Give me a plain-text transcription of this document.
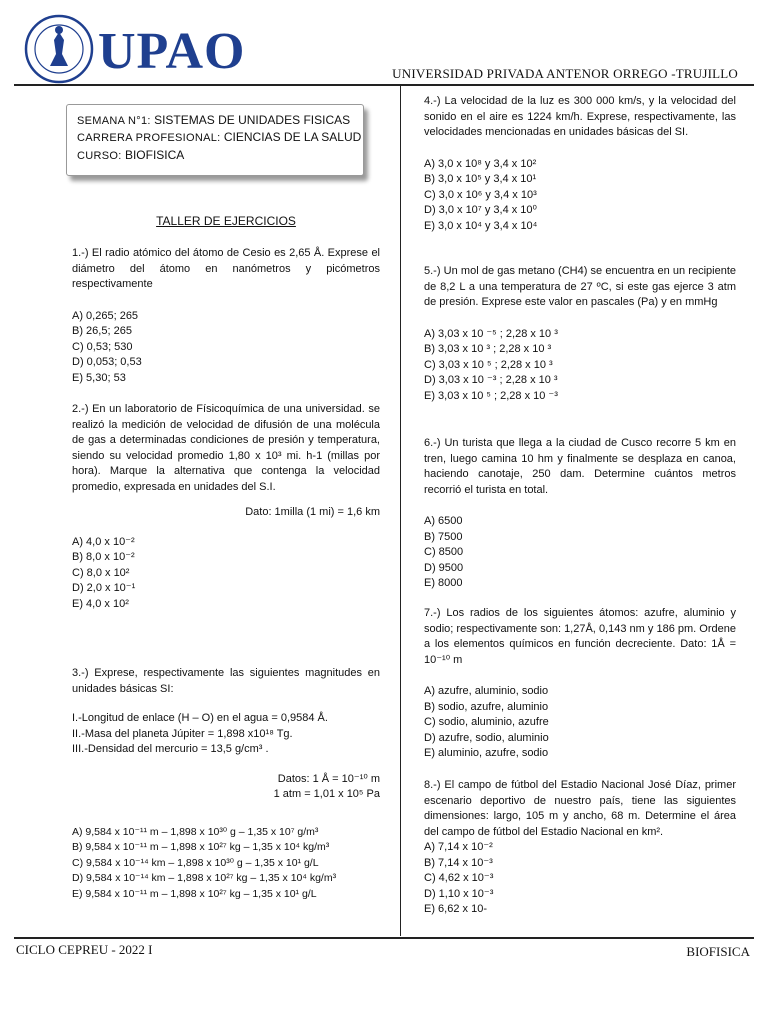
UPAO	UNIVERSIDAD PRIVADA ANTENOR ORREGO -TRUJILLO
SEMANA N°1: SISTEMAS DE UNIDADES FISICAS
CARRERA PROFESIONAL: CIENCIAS DE LA SALUD
CURSO: BIOFISICA
TALLER DE EJERCICIOS

1.-) El radio atómico del átomo de Cesio es 2,65 Å. Exprese el diámetro del átomo en nanómetros y picómetros respectivamente

A) 0,265; 265

B) 26,5; 265

C) 0,53; 530

D) 0,053; 0,53

E) 5,30; 53

2.-) En un laboratorio de Físicoquímica de una universidad. se realizó la medición de velocidad de difusión de una molécula de gas a determinadas condiciones de presión y temperatura, siendo su velocidad promedio 1,80 x 10³ mi. h-1 (millas por hora). Marque la alternativa que contenga la velocidad promedio, expresada en unidades del S.I.

Dato: 1milla (1 mi) = 1,6 km

A) 4,0 x 10⁻²

B) 8,0 x 10⁻²

C) 8,0 x 10²

D) 2,0 x 10⁻¹

E) 4,0 x 10²

3.-) Exprese, respectivamente las siguientes magnitudes en unidades básicas SI:

I.-Longitud de enlace (H – O) en el agua = 0,9584 Å.

II.-Masa del planeta Júpiter = 1,898 x10¹⁸ Tg.

III.-Densidad del mercurio = 13,5 g/cm³ .

Datos: 1 Å = 10⁻¹⁰ m

1 atm = 1,01 x 10⁵ Pa

A) 9,584 x 10⁻¹¹ m – 1,898 x 10³⁰ g – 1,35 x 10⁷ g/m³

B) 9,584 x 10⁻¹¹ m – 1,898 x 10²⁷ kg – 1,35 x 10⁴ kg/m³

C) 9,584 x 10⁻¹⁴ km – 1,898 x 10³⁰ g – 1,35 x 10¹ g/L

D) 9,584 x 10⁻¹⁴ km – 1,898 x 10²⁷ kg – 1,35 x 10⁴ kg/m³

E) 9,584 x 10⁻¹¹ m – 1,898 x 10²⁷ kg – 1,35 x 10¹ g/L

4.-) La velocidad de la luz es 300 000 km/s, y la velocidad del sonido en el aire es 1224 km/h. Exprese, respectivamente, las velocidades mencionadas en unidades básicas del SI.

A) 3,0 x 10⁸ y 3,4 x 10²

B) 3,0 x 10⁵ y 3,4 x 10¹

C) 3,0 x 10⁶ y 3,4 x 10³

D) 3,0 x 10⁷ y 3,4 x 10⁰

E) 3,0 x 10⁴ y 3,4 x 10⁴

5.-) Un mol de gas metano (CH4) se encuentra en un recipiente de 8,2 L a una temperatura de 27 ºC, si este gas ejerce 3 atm de presión. Exprese este valor en pascales (Pa) y en mmHg

A) 3,03 x 10 ⁻⁵ ; 2,28 x 10 ³

B) 3,03 x 10 ³ ; 2,28 x 10 ³

C) 3,03 x 10 ⁵ ; 2,28 x 10 ³

D) 3,03 x 10 ⁻³ ; 2,28 x 10 ³

E) 3,03 x 10 ⁵ ; 2,28 x 10 ⁻³

6.-) Un turista que llega a la ciudad de Cusco recorre 5 km en tren, luego camina 10 hm y finalmente se desplaza en canoa, haciendo canotaje, 250 dam. Determine cuántos metros recorrió el turista en total.

A) 6500

B) 7500

C) 8500

D) 9500

E) 8000

7.-) Los radios de los siguientes átomos: azufre, aluminio y sodio; respectivamente son: 1,27Å, 0,143 nm y 186 pm. Ordene a los elementos químicos en función decreciente. Dato: 1Å = 10⁻¹⁰ m

A) azufre, aluminio, sodio

B) sodio, azufre, aluminio

C) sodio, aluminio, azufre

D) azufre, sodio, aluminio

E) aluminio, azufre, sodio

8.-) El campo de fútbol del Estadio Nacional José Díaz, primer escenario deportivo de nuestro país, tiene las siguientes dimensiones: largo, 105 m y ancho, 68 m. Determine el área del campo de fútbol del Estadio Nacional en km².

A) 7,14 x 10⁻²

B) 7,14 x 10⁻³

C) 4,62 x 10⁻³

D) 1,10 x 10⁻³

E) 6,62 x 10-

CICLO CEPREU - 2022 I	BIOFISICA
